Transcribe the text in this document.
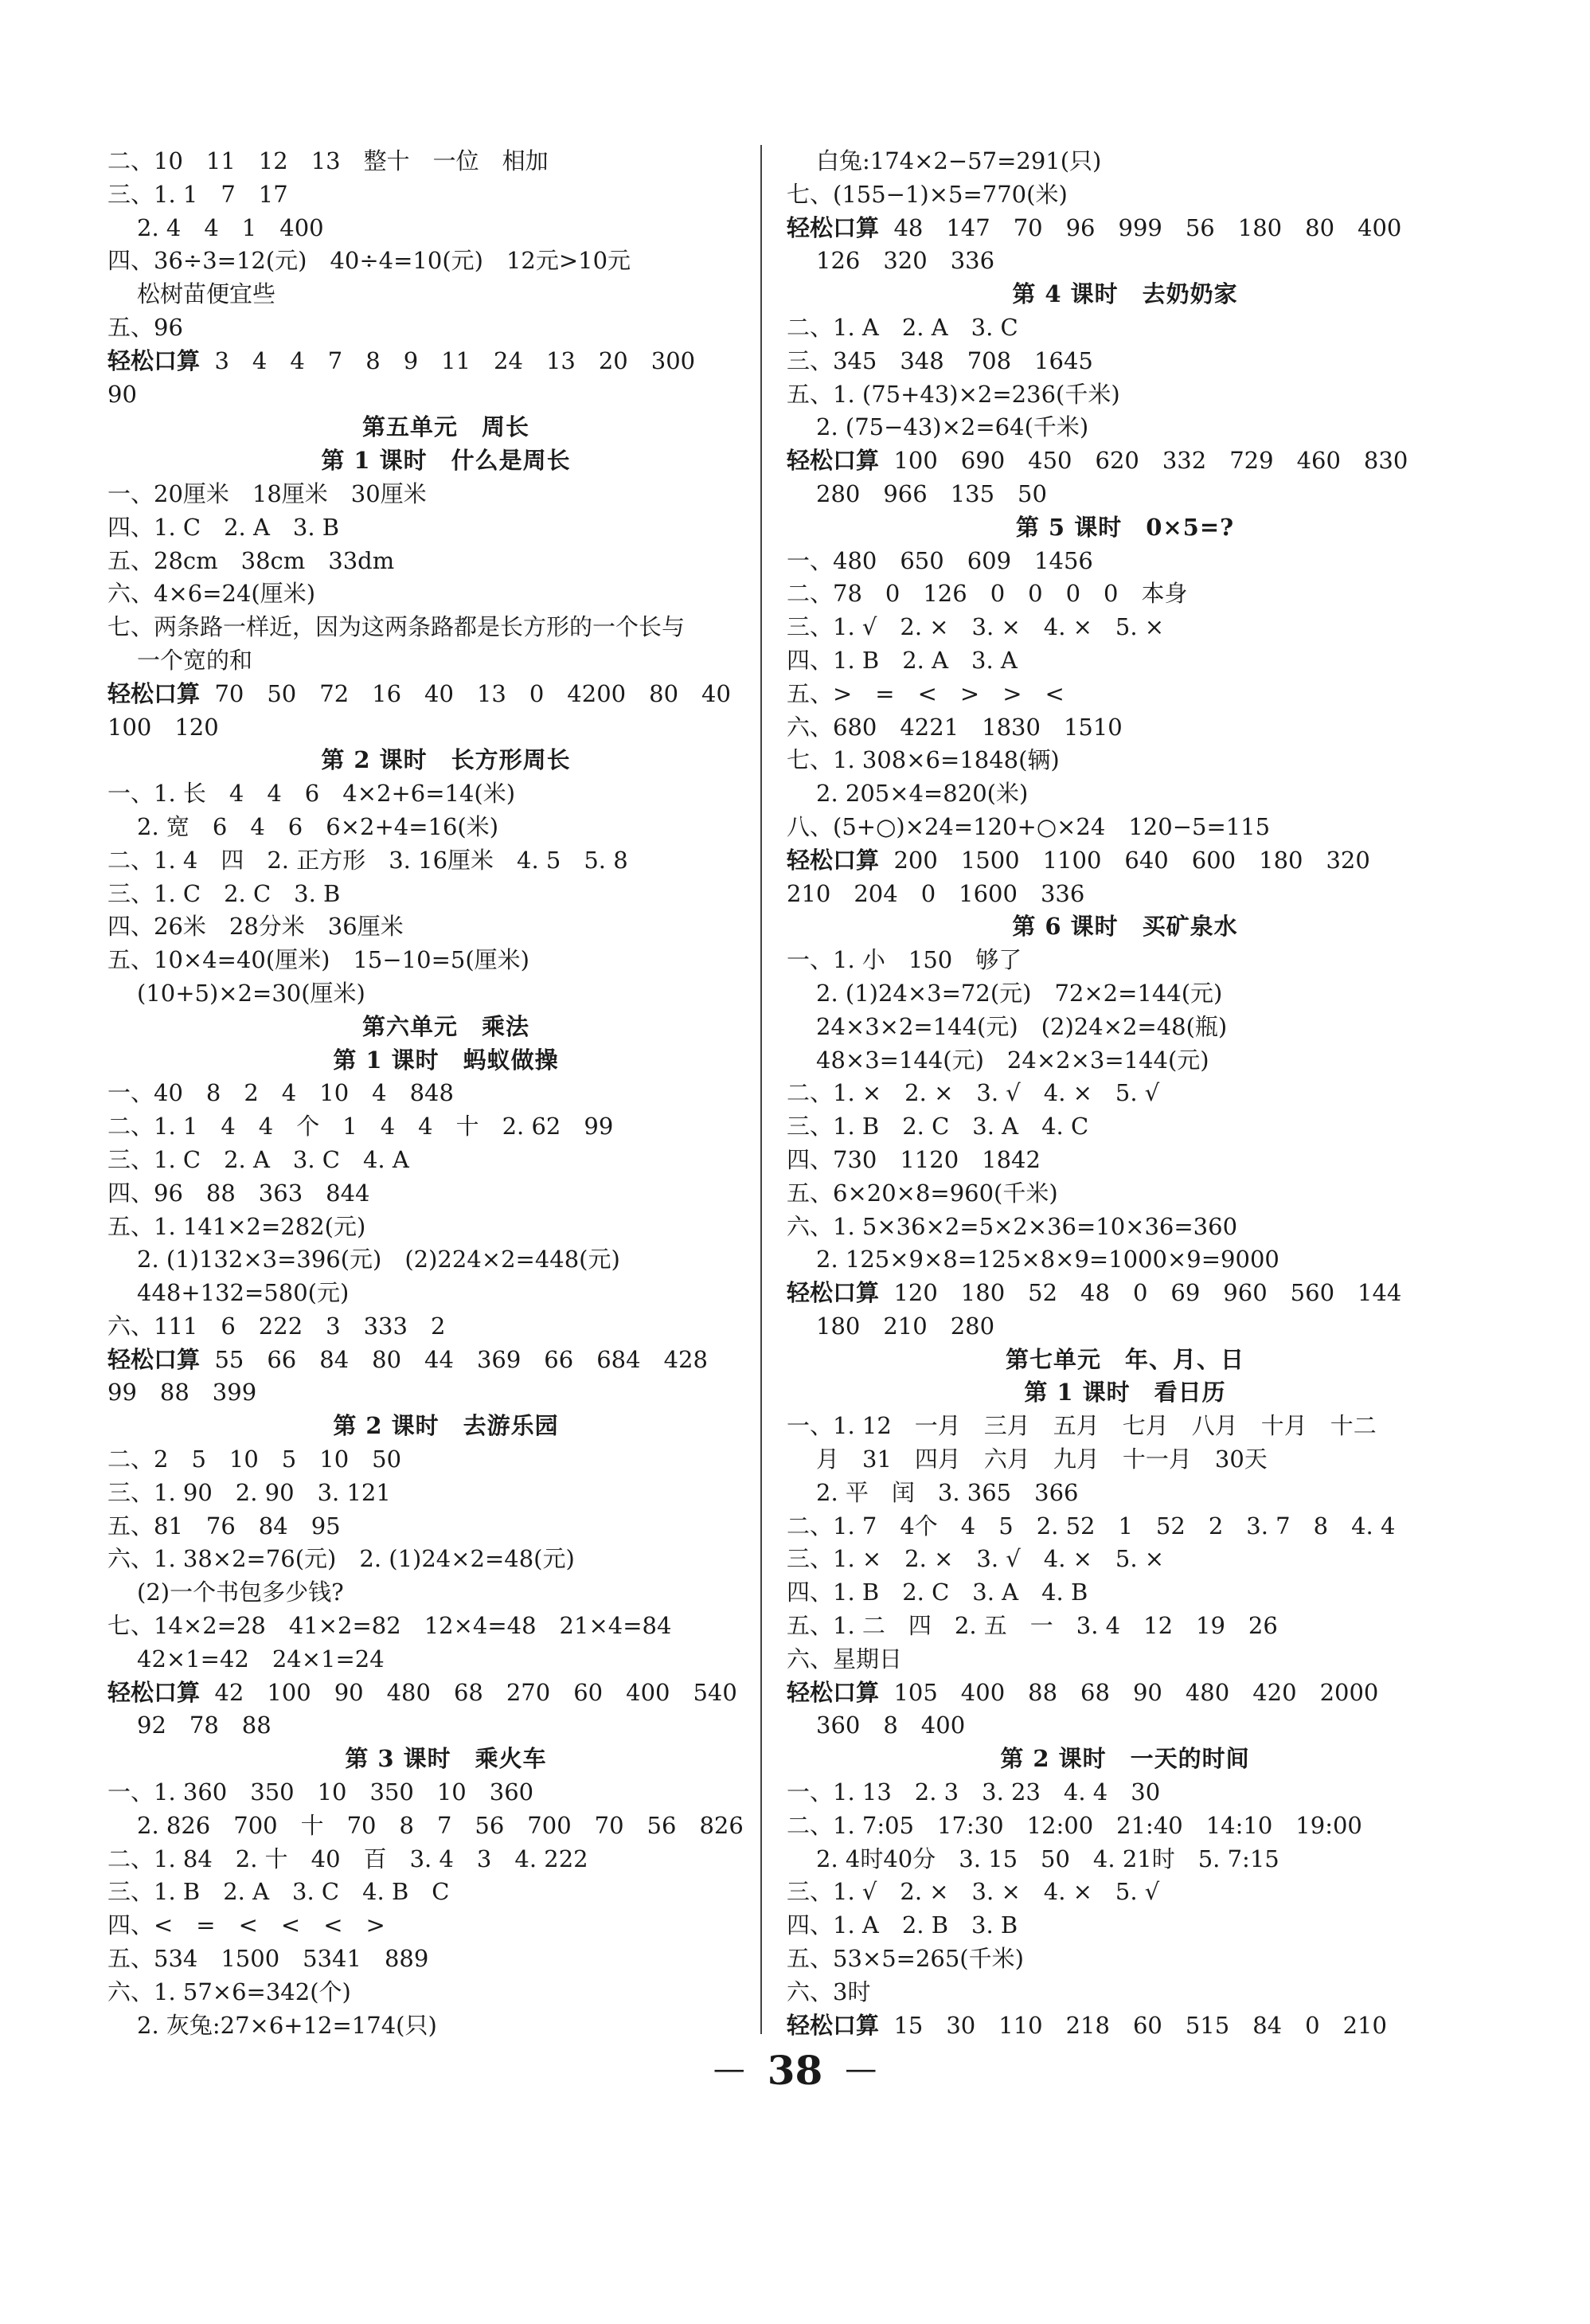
二、10　11　12　13　整十　一位　相加
三、1. 1　7　17
2. 4　4　1　400
四、36÷3=12(元)　40÷4=10(元)　12元>10元
松树苗便宜些
五、96
轻松口算  3　4　4　7　8　9　11　24　13　20　300
90
第五单元　周长
第 1 课时　什么是周长
一、20厘米　18厘米　30厘米
四、1. C　2. A　3. B
五、28cm　38cm　33dm
六、4×6=24(厘米)
七、两条路一样近，因为这两条路都是长方形的一个长与
一个宽的和
轻松口算  70　50　72　16　40　13　0　4200　80　40
100　120
第 2 课时　长方形周长
一、1. 长　4　4　6　4×2+6=14(米)
2. 宽　6　4　6　6×2+4=16(米)
二、1. 4　四　2. 正方形　3. 16厘米　4. 5　5. 8
三、1. C　2. C　3. B
四、26米　28分米　36厘米
五、10×4=40(厘米)　15−10=5(厘米)
(10+5)×2=30(厘米)
第六单元　乘法
第 1 课时　蚂蚁做操
一、40　8　2　4　10　4　848
二、1. 1　4　4　个　1　4　4　十　2. 62　99
三、1. C　2. A　3. C　4. A
四、96　88　363　844
五、1. 141×2=282(元)
2. (1)132×3=396(元)　(2)224×2=448(元)
448+132=580(元)
六、111　6　222　3　333　2
轻松口算  55　66　84　80　44　369　66　684　428
99　88　399
第 2 课时　去游乐园
二、2　5　10　5　10　50
三、1. 90　2. 90　3. 121
五、81　76　84　95
六、1. 38×2=76(元)　2. (1)24×2=48(元)
(2)一个书包多少钱?
七、14×2=28　41×2=82　12×4=48　21×4=84
42×1=42　24×1=24
轻松口算  42　100　90　480　68　270　60　400　540
92　78　88
第 3 课时　乘火车
一、1. 360　350　10　350　10　360
2. 826　700　十　70　8　7　56　700　70　56　826
二、1. 84　2. 十　40　百　3. 4　3　4. 222
三、1. B　2. A　3. C　4. B　C
四、<　=　<　<　<　>
五、534　1500　5341　889
六、1. 57×6=342(个)
2. 灰兔:27×6+12=174(只)
白兔:174×2−57=291(只)
七、(155−1)×5=770(米)
轻松口算  48　147　70　96　999　56　180　80　400
126　320　336
第 4 课时　去奶奶家
二、1. A　2. A　3. C
三、345　348　708　1645
五、1. (75+43)×2=236(千米)
2. (75−43)×2=64(千米)
轻松口算  100　690　450　620　332　729　460　830
280　966　135　50
第 5 课时　0×5=?
一、480　650　609　1456
二、78　0　126　0　0　0　0　本身
三、1. √　2. ×　3. ×　4. ×　5. ×
四、1. B　2. A　3. A
五、>　=　<　>　>　<
六、680　4221　1830　1510
七、1. 308×6=1848(辆)
2. 205×4=820(米)
八、(5+○)×24=120+○×24　120−5=115
轻松口算  200　1500　1100　640　600　180　320
210　204　0　1600　336
第 6 课时　买矿泉水
一、1. 小　150　够了
2. (1)24×3=72(元)　72×2=144(元)
24×3×2=144(元)　(2)24×2=48(瓶)
48×3=144(元)　24×2×3=144(元)
二、1. ×　2. ×　3. √　4. ×　5. √
三、1. B　2. C　3. A　4. C
四、730　1120　1842
五、6×20×8=960(千米)
六、1. 5×36×2=5×2×36=10×36=360
2. 125×9×8=125×8×9=1000×9=9000
轻松口算  120　180　52　48　0　69　960　560　144
180　210　280
第七单元　年、月、日
第 1 课时　看日历
一、1. 12　一月　三月　五月　七月　八月　十月　十二
月　31　四月　六月　九月　十一月　30天
2. 平　闰　3. 365　366
二、1. 7　4个　4　5　2. 52　1　52　2　3. 7　8　4. 4
三、1. ×　2. ×　3. √　4. ×　5. ×
四、1. B　2. C　3. A　4. B
五、1. 二　四　2. 五　一　3. 4　12　19　26
六、星期日
轻松口算  105　400　88　68　90　480　420　2000
360　8　400
第 2 课时　一天的时间
一、1. 13　2. 3　3. 23　4. 4　30
二、1. 7:05　17:30　12:00　21:40　14:10　19:00
2. 4时40分　3. 15　50　4. 21时　5. 7:15
三、1. √　2. ×　3. ×　4. ×　5. √
四、1. A　2. B　3. B
五、53×5=265(千米)
六、3时
轻松口算  15　30　110　218　60　515　84　0　210
— 38 —
